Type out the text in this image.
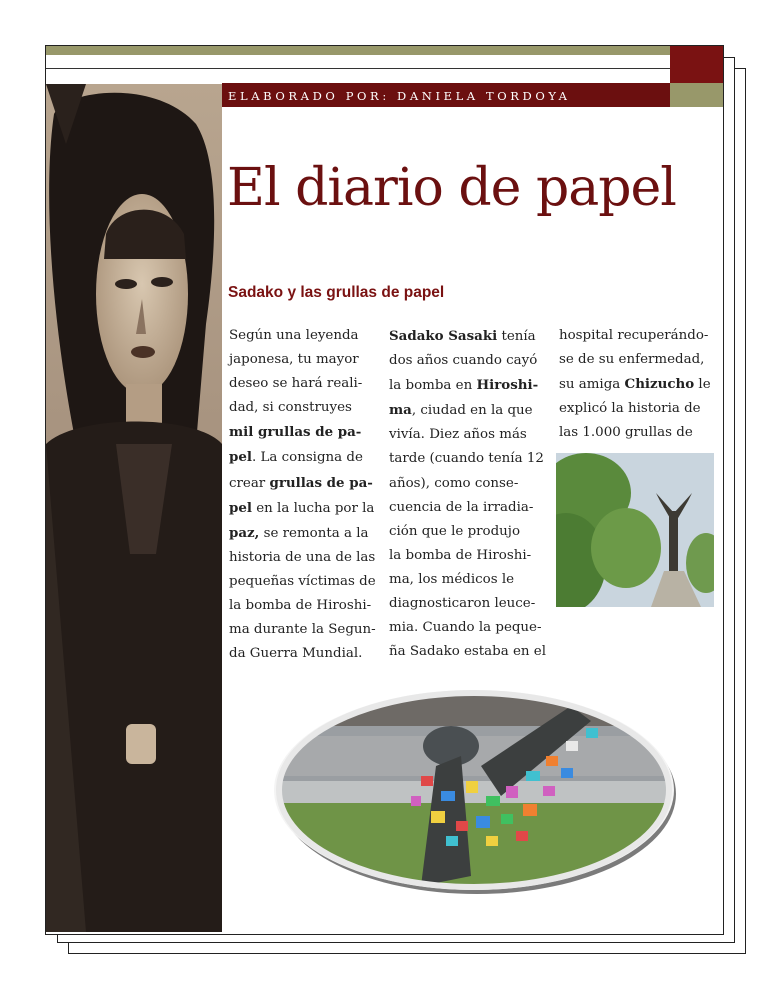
ELABORADO POR: DANIELA TORDOYA
El diario de papel
Sadako y las grullas de papel
Según una leyenda
japonesa, tu mayor
deseo se hará reali-
dad, si construyes
mil grullas de pa-
pel. La consigna de
crear grullas de pa-
pel en la lucha por la
paz, se remonta a la
historia de una de las
pequeñas víctimas de
la bomba de Hiroshi-
ma durante la Segun-
da Guerra Mundial.
Sadako Sasaki tenía
dos años cuando cayó
la bomba en Hiroshi-
ma, ciudad en la que
vivía. Diez años más
tarde (cuando tenía 12
años), como conse-
cuencia de la irradia-
ción que le produjo
la bomba de Hiroshi-
ma, los médicos le
diagnosticaron leuce-
mia. Cuando la peque-
ña Sadako estaba en el
hospital recuperándo-
se de su enfermedad,
su amiga Chizucho le
explicó la historia de
las 1.000 grullas de
